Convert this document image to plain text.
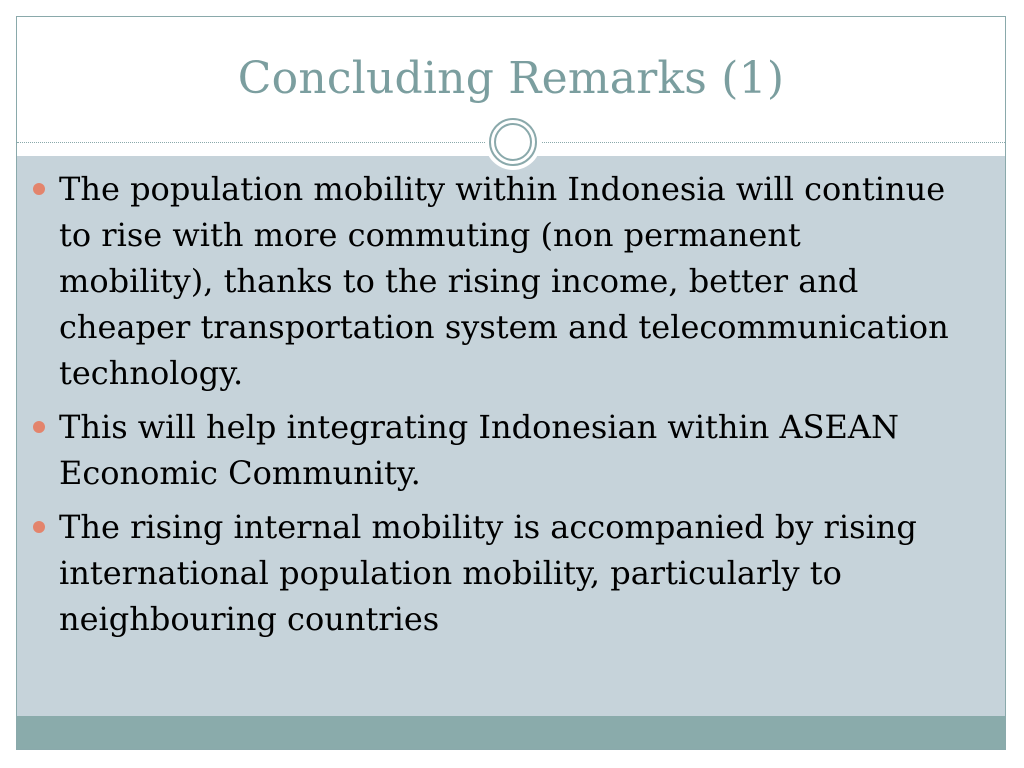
Concluding Remarks (1)
The population mobility within Indonesia will continue to rise with more commuting (non permanent mobility), thanks to the rising income, better and cheaper transportation system and telecommunication technology.
This will help integrating Indonesian within ASEAN Economic Community.
The rising internal mobility is accompanied by rising international population mobility, particularly to neighbouring countries
